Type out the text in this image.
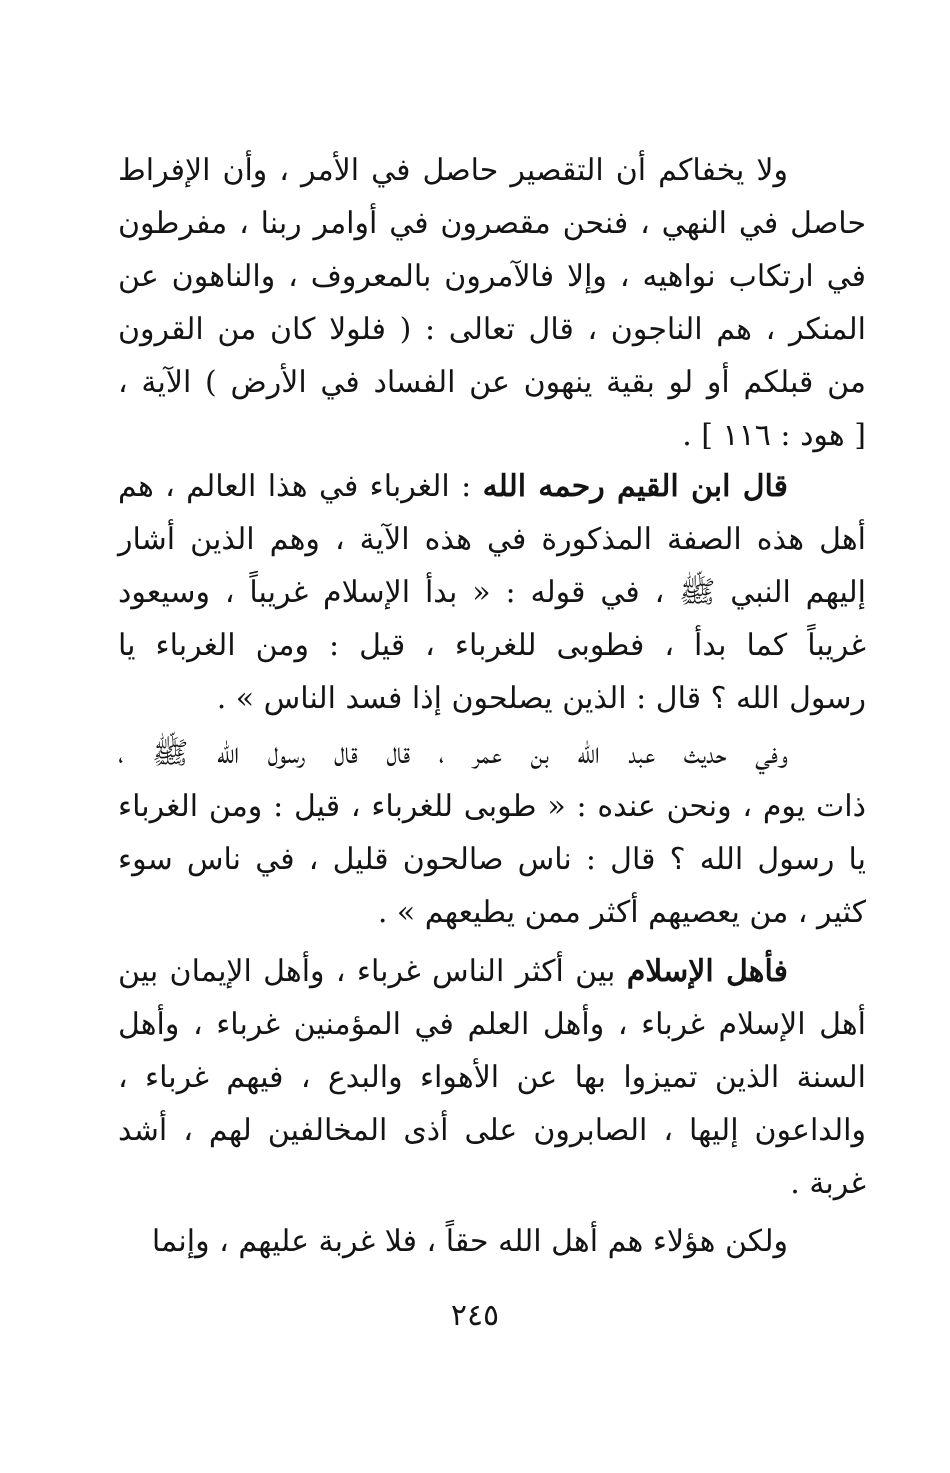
ولا يخفاكم أن التقصير حاصل في الأمر ، وأن الإفراط
حاصل في النهي ، فنحن مقصرون في أوامر ربنا ، مفرطون
في ارتكاب نواهيه ، وإلا فالآمرون بالمعروف ، والناهون عن
المنكر ، هم الناجون ، قال تعالى : ( فلولا كان من القرون
من قبلكم أو لو بقية ينهون عن الفساد في الأرض ) الآية ،
[ هود : ١١٦ ] .
قال ابن القيم رحمه الله : الغرباء في هذا العالم ، هم
أهل هذه الصفة المذكورة في هذه الآية ، وهم الذين أشار
إليهم النبي ﷺ ، في قوله : « بدأ الإسلام غريباً ، وسيعود
غريباً كما بدأ ، فطوبى للغرباء ، قيل : ومن الغرباء يا
رسول الله ؟ قال : الذين يصلحون إذا فسد الناس » .
وفي حديث عبد الله بن عمر ، قال قال رسول الله ﷺ ،
ذات يوم ، ونحن عنده : « طوبى للغرباء ، قيل : ومن الغرباء
يا رسول الله ؟ قال : ناس صالحون قليل ، في ناس سوء
كثير ، من يعصيهم أكثر ممن يطيعهم » .
فأهل الإسلام بين أكثر الناس غرباء ، وأهل الإيمان بين
أهل الإسلام غرباء ، وأهل العلم في المؤمنين غرباء ، وأهل
السنة الذين تميزوا بها عن الأهواء والبدع ، فيهم غرباء ،
والداعون إليها ، الصابرون على أذى المخالفين لهم ، أشد
غربة .
ولكن هؤلاء هم أهل الله حقاً ، فلا غربة عليهم ، وإنما
٢٤٥
